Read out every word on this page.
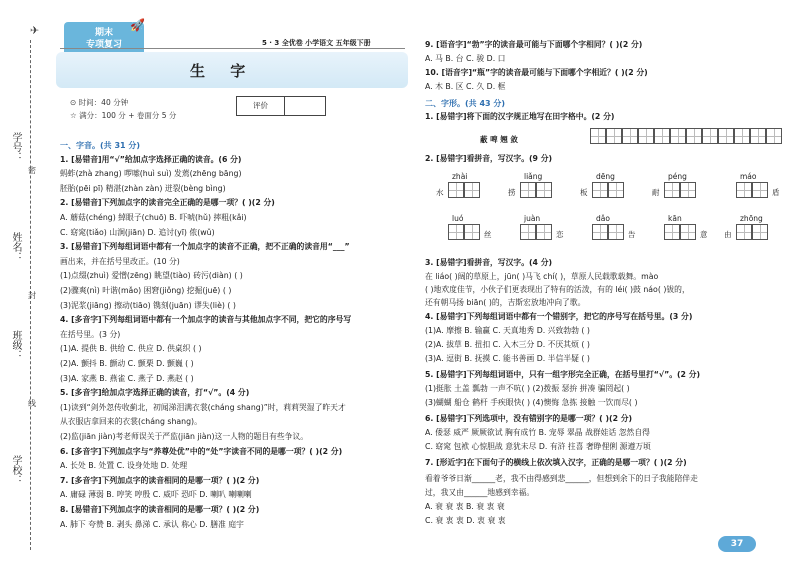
✈
学号：
姓名：
班级：
学校：
密
封
线
期末
专项复习
🚀
5 · 3 全优卷 小学语文 五年级下册
生 字
⊙ 时间：40 分钟
☆ 满分：100 分 + 卷面分 5 分
评价
一、字音。(共 31 分)
1. [易错音]用“√”给加点字选择正确的读音。(6 分)
蚂蚱(zhà zhang) 啰嗦(huì suì) 发蔫(zhēng bāng)
胚胎(pēi pī) 精湛(zhàn zàn) 迸裂(bèng bìng)
2. [易错音]下列加点字的读音完全正确的是哪一项？( )(2 分)
A. 蘑菇(chéng) 綽眼子(chuō) B. 吓唬(hǔ) 摔粗(kǎi)
C. 窈窕(tiǎo) 山涧(jiān) D. 追讨(yī) 侬(wǔ)
3. [易错音]下列每组词语中都有一个加点字的读音不正确，把不正确的读音用“___”
画出来，并在括号里改正。(10 分)
(1)点缀(zhuì) 爱憎(zēng) 眺望(tiào) 砖污(diàn) ( )
(2)骤爽(nì) 叶谐(mǎo) 困窘(jiǒng) 挖掘(juē) ( )
(3)泥浆(jiāng) 擦动(tiāo) 镌刻(juān) 谬失(liè) ( )
4. [多音字]下列每组词语中都有一个加点字的读音与其他加点字不同，把它的序号写
在括号里。(3 分)
(1)A. 提供 B. 供给 C. 供应 D. 供桌织 ( )
(2)A. 颤抖 B. 颤动 C. 颤栗 D. 颤巍 ( )
(3)A. 家燕 B. 燕雀 C. 燕子 D. 燕赵 ( )
5. [多音字]给加点字选择正确的读音，打“√”。(4 分)
(1)读到“剑外忽传收蓟北，初闻涕泪满衣裳(cháng shang)”时，莉莉哭湿了昨天才
从衣服店拿回来的衣裳(cháng shang)。
(2)监(jiān jiàn)考老师误关于严监(jiān jiàn)这一人物的题目有些争议。
6. [多音字]下列加点字与“养尊处优”中的“处”字读音不同的是哪一项？( )(2 分)
A. 长处 B. 处置 C. 设身处地 D. 处理
7. [多音字]下列加点字的读音相同的是哪一项？( )(2 分)
A. 庸碌 薄弱 B. 哼笑 哼殷 C. 威吓 恐吓 D. 喇叭 喇喇喇
8. [易错音]下列加点字的读音相同的是哪一项？( )(2 分)
A. 肺下 夸赞 B. 剥头 鼻涕 C. 承认 称心 D. 膳准 庭宇
9. [语音字]“勃”字的读音最可能与下面哪个字相同？( )(2 分)
A. 马 B. 台 C. 骏 D. 口
10. [语音字]“瓶”字的读音最可能与下面哪个字相近？( )(2 分)
A. 木 B. 区 C. 久 D. 框
二、字形。(共 43 分)
1. [易错字]将下面的汉字规正地写在田字格中。(2 分)
2. [易错字]看拼音，写汉字。(9 分)
3. [易错字]看拼音，写汉字。(4 分)
在 liáo( )阔的草原上，jūn( )马飞 chí( )，草原人民载歌载舞。mào
( )地欢度佳节，小伙子们更表现出了特有的活泼，有的 léi( )鼓 náo( )钹的，
还有朝马扬 biān( )的，吉斯宏放地冲向了歌。
4. [易错字]下列每组词语中都有一个错别字，把它的序号写在括号里。(3 分)
(1)A. 摩擦 B. 输赢 C. 天真地秀 D. 兴致勃勃 ( )
(2)A. 拔草 B. 扭扣 C. 入木三分 D. 不厌其烦 ( )
(3)A. 逗街 B. 抚摸 C. 能书善画 D. 半信半疑 ( )
5. [易错字]下列每组词语中，只有一组字形完全正确，在括号里打“√”。(2 分)
(1)挺胀 土盖 瓢勃 一声不吭( ) (2)拨振 瑟拚 拼凑 骗罔起( )
(3)蝴蝴 船仓 鹤杆 手疾眼快( ) (4)懊悔 急拣 接触 一饮而尽( )
6. [易错字]下列选项中，没有错别字的是哪一项？( )(2 分)
A. 倭瑟 威严 厥厥欲试 胸有成竹 B. 宠辱 翠晶 战群娃话 忽然自得
C. 窈窕 包袱 心惊胆战 意犹未尽 D. 有浒 拄喜 奢睁俚俐 源遵万顷
7. [形近字]在下面句子的横线上依次填入汉字，正确的是哪一项？( )(2 分)
看着爷爷日渐______老，我不由得感到悲______，但想到余下的日子我能陪伴走
过，我又由______地感到幸福。
A. 衰 衰 衷 B. 衰 衷 衰
C. 衰 衷 衷 D. 衷 衰 衷
蔽 啤 翘 敛
zhài
水
liǎng
捞
dēng
板
péng
耐
máo
盾
luó
丝
juàn
恋
dǎo
告
kān
意
zhōng
由
37
